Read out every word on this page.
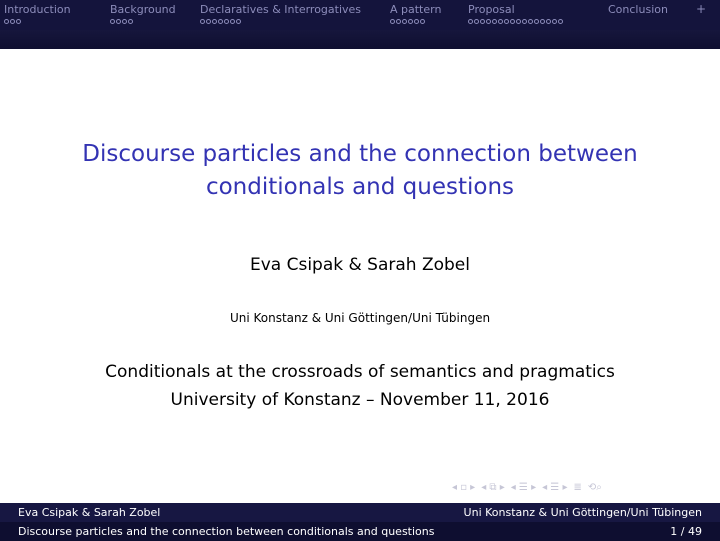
Introduction	Background Declaratives & Interrogatives	A pattern Proposal	Conclusion +
Discourse particles and the connection between
conditionals and questions
Eva Csipak & Sarah Zobel
Uni Konstanz & Uni Göttingen/Uni Tübingen
Conditionals at the crossroads of semantics and pragmatics
University of Konstanz – November 11, 2016
◂ ▫ ▸ ◂ ⧉ ▸ ◂ ☰ ▸ ◂ ☰ ▸ ≣ ⟲⌕
Eva Csipak & Sarah Zobel	Uni Konstanz & Uni Göttingen/Uni Tübingen
Discourse particles and the connection between conditionals and questions	1 / 49
